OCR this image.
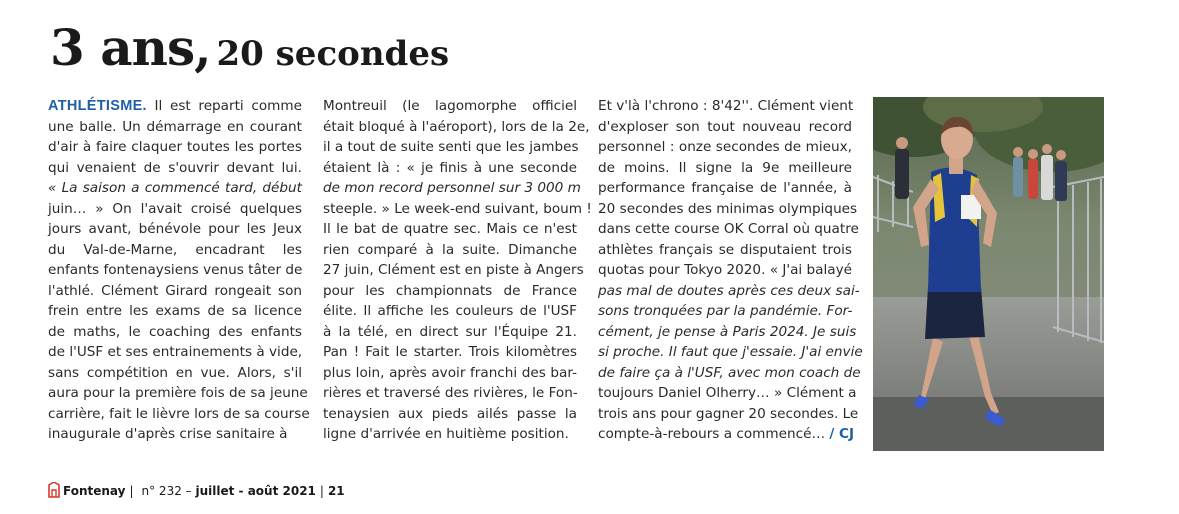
3 ans, 20 secondes
ATHLÉTISME. Il est reparti comme
une balle. Un démarrage en courant
d'air à faire claquer toutes les portes
qui venaient de s'ouvrir devant lui.
« La saison a commencé tard, début
juin… » On l'avait croisé quelques
jours avant, bénévole pour les Jeux
du Val-de-Marne, encadrant les
enfants fontenaysiens venus tâter de
l'athlé. Clément Girard rongeait son
frein entre les exams de sa licence
de maths, le coaching des enfants
de l'USF et ses entrainements à vide,
sans compétition en vue. Alors, s'il
aura pour la première fois de sa jeune
carrière, fait le lièvre lors de sa course
inaugurale d'après crise sanitaire à
Montreuil (le lagomorphe officiel
était bloqué à l'aéroport), lors de la 2e,
il a tout de suite senti que les jambes
étaient là : « je finis à une seconde
de mon record personnel sur 3 000 m
steeple. » Le week-end suivant, boum !
Il le bat de quatre sec. Mais ce n'est
rien comparé à la suite. Dimanche
27 juin, Clément est en piste à Angers
pour les championnats de France
élite. Il affiche les couleurs de l'USF
à la télé, en direct sur l'Équipe 21.
Pan ! Fait le starter. Trois kilomètres
plus loin, après avoir franchi des bar-
rières et traversé des rivières, le Fon-
tenaysien aux pieds ailés passe la
ligne d'arrivée en huitième position.
Et v'là l'chrono : 8'42''. Clément vient
d'exploser son tout nouveau record
personnel : onze secondes de mieux,
de moins. Il signe la 9e meilleure
performance française de l'année, à
20 secondes des minimas olympiques
dans cette course OK Corral où quatre
athlètes français se disputaient trois
quotas pour Tokyo 2020. « J'ai balayé
pas mal de doutes après ces deux sai-
sons tronquées par la pandémie. For-
cément, je pense à Paris 2024. Je suis
si proche. Il faut que j'essaie. J'ai envie
de faire ça à l'USF, avec mon coach de
toujours Daniel Olherry… » Clément a
trois ans pour gagner 20 secondes. Le
compte-à-rebours a commencé… / CJ
Fontenay | n° 232 – juillet - août 2021 | 21
